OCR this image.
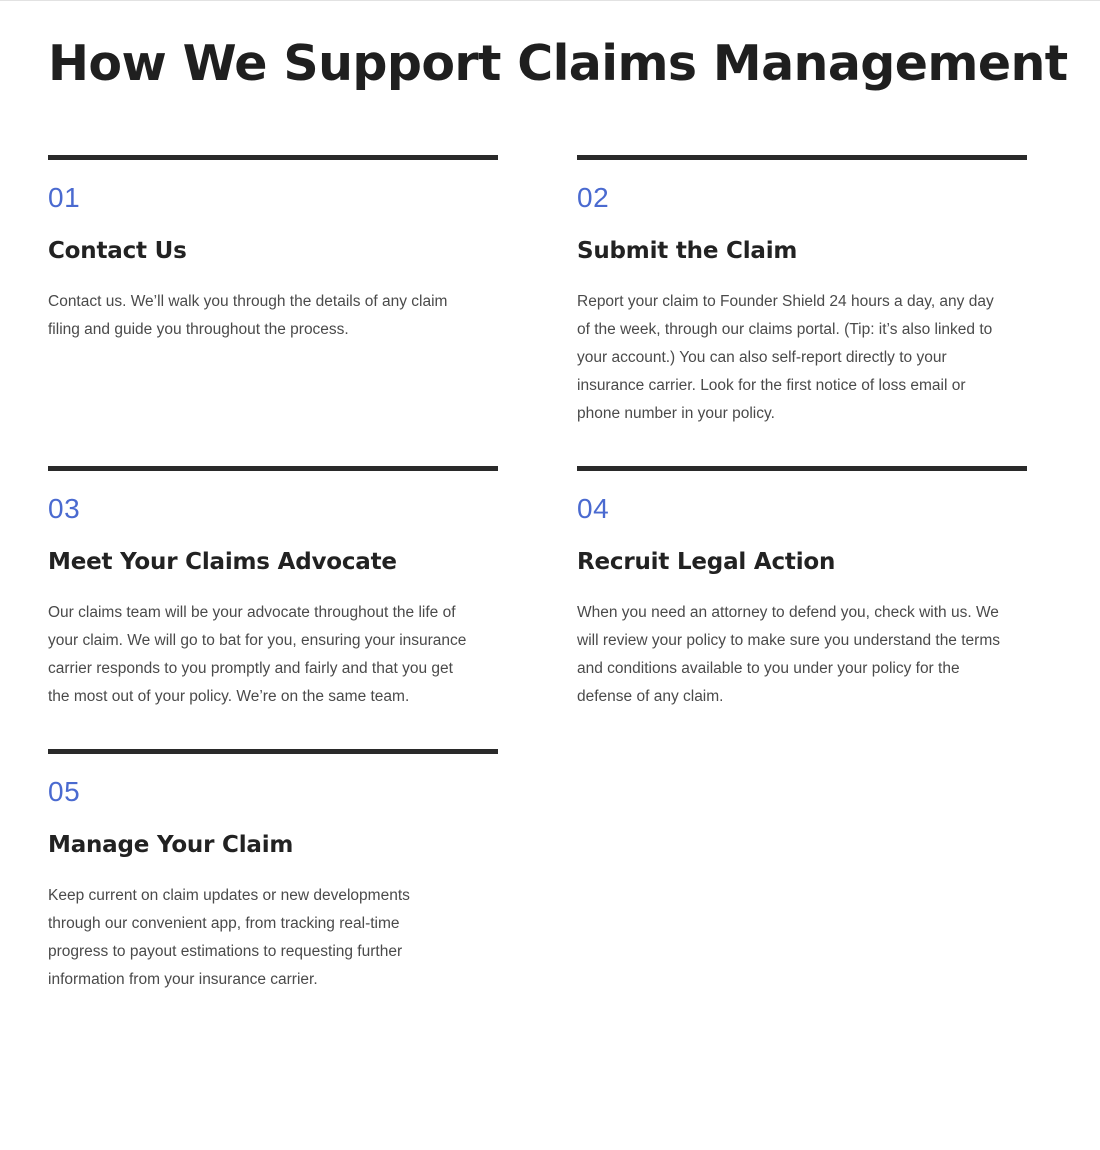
How We Support Claims Management
01
Contact Us

Contact us. We’ll walk you through the details of any claim filing and guide you throughout the process.

02
Submit the Claim

Report your claim to Founder Shield 24 hours a day, any day of the week, through our claims portal. (Tip: it’s also linked to your account.) You can also self-report directly to your insurance carrier. Look for the first notice of loss email or phone number in your policy.

03
Meet Your Claims Advocate

Our claims team will be your advocate throughout the life of your claim. We will go to bat for you, ensuring your insurance carrier responds to you promptly and fairly and that you get the most out of your policy. We’re on the same team.

04
Recruit Legal Action

When you need an attorney to defend you, check with us. We will review your policy to make sure you understand the terms and conditions available to you under your policy for the defense of any claim.

05
Manage Your Claim

Keep current on claim updates or new developments through our convenient app, from tracking real-time progress to payout estimations to requesting further information from your insurance carrier.
